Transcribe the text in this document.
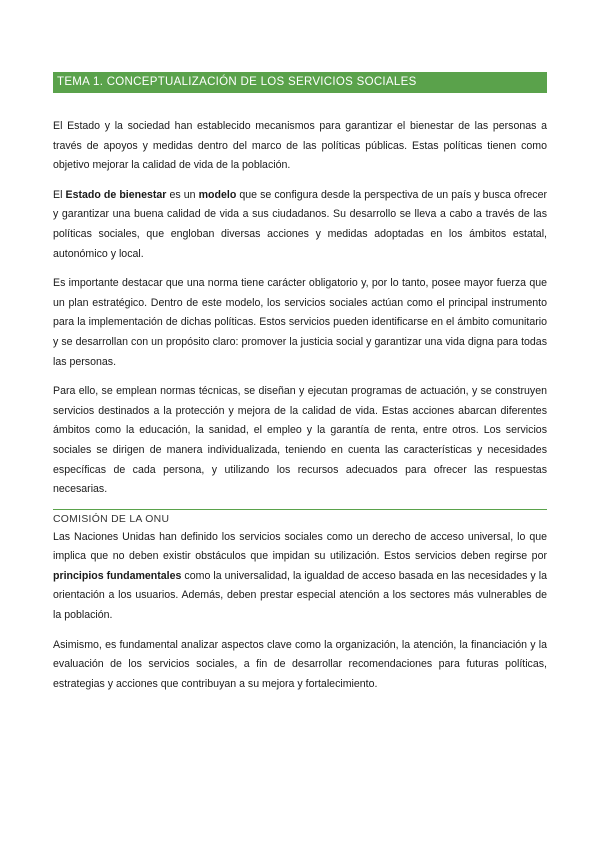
TEMA 1. CONCEPTUALIZACIÓN DE LOS SERVICIOS SOCIALES

El Estado y la sociedad han establecido mecanismos para garantizar el bienestar de las personas a través de apoyos y medidas dentro del marco de las políticas públicas. Estas políticas tienen como objetivo mejorar la calidad de vida de la población.

El Estado de bienestar es un modelo que se configura desde la perspectiva de un país y busca ofrecer y garantizar una buena calidad de vida a sus ciudadanos. Su desarrollo se lleva a cabo a través de las políticas sociales, que engloban diversas acciones y medidas adoptadas en los ámbitos estatal, autonómico y local.

Es importante destacar que una norma tiene carácter obligatorio y, por lo tanto, posee mayor fuerza que un plan estratégico. Dentro de este modelo, los servicios sociales actúan como el principal instrumento para la implementación de dichas políticas. Estos servicios pueden identificarse en el ámbito comunitario y se desarrollan con un propósito claro: promover la justicia social y garantizar una vida digna para todas las personas.

Para ello, se emplean normas técnicas, se diseñan y ejecutan programas de actuación, y se construyen servicios destinados a la protección y mejora de la calidad de vida. Estas acciones abarcan diferentes ámbitos como la educación, la sanidad, el empleo y la garantía de renta, entre otros. Los servicios sociales se dirigen de manera individualizada, teniendo en cuenta las características y necesidades específicas de cada persona, y utilizando los recursos adecuados para ofrecer las respuestas necesarias.

COMISIÓN DE LA ONU

Las Naciones Unidas han definido los servicios sociales como un derecho de acceso universal, lo que implica que no deben existir obstáculos que impidan su utilización. Estos servicios deben regirse por principios fundamentales como la universalidad, la igualdad de acceso basada en las necesidades y la orientación a los usuarios. Además, deben prestar especial atención a los sectores más vulnerables de la población.

Asimismo, es fundamental analizar aspectos clave como la organización, la atención, la financiación y la evaluación de los servicios sociales, a fin de desarrollar recomendaciones para futuras políticas, estrategias y acciones que contribuyan a su mejora y fortalecimiento.
